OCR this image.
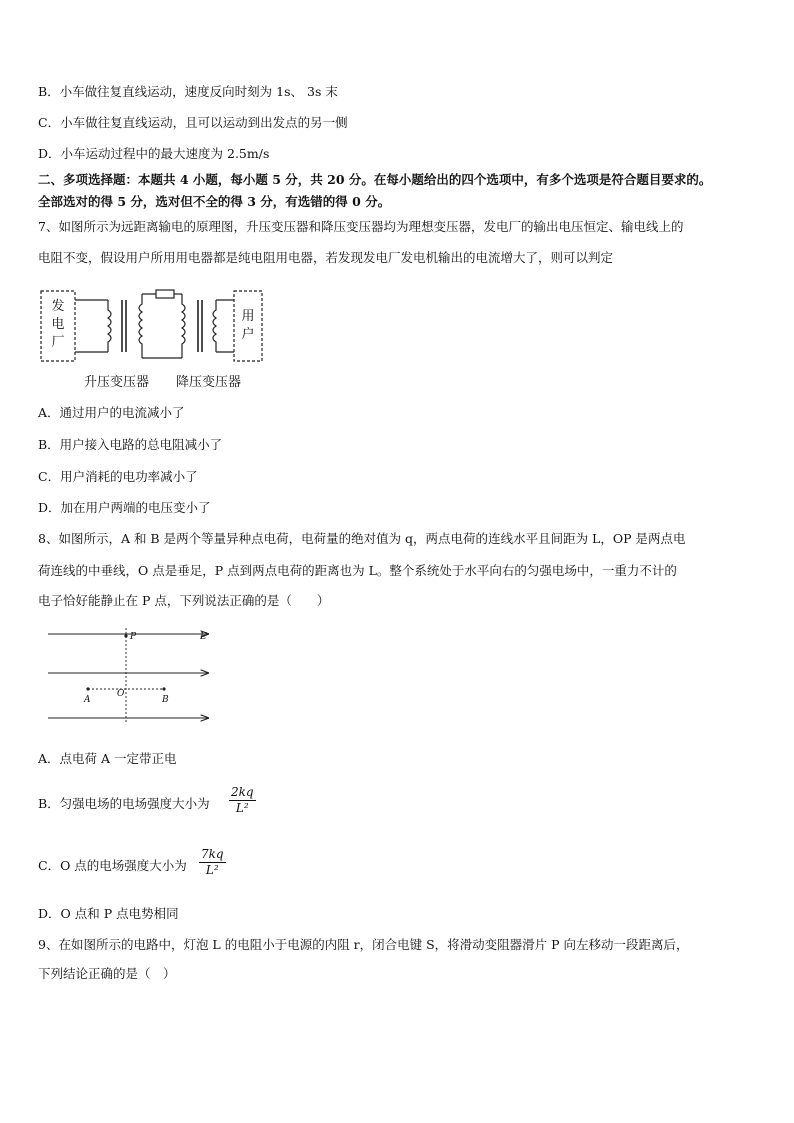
B．小车做往复直线运动，速度反向时刻为 1s、 3s 末
C．小车做往复直线运动，且可以运动到出发点的另一侧
D．小车运动过程中的最大速度为 2.5m/s
二、多项选择题：本题共 4 小题，每小题 5 分，共 20 分。在每小题给出的四个选项中，有多个选项是符合题目要求的。
全部选对的得 5 分，选对但不全的得 3 分，有选错的得 0 分。
7、如图所示为远距离输电的原理图，升压变压器和降压变压器均为理想变压器，发电厂的输出电压恒定、输电线上的
电阻不变，假设用户所用用电器都是纯电阻用电器，若发现发电厂发电机输出的电流增大了，则可以判定
发
电
厂
用
户
升压变压器 降压变压器
A．通过用户的电流减小了
B．用户接入电路的总电阻减小了
C．用户消耗的电功率减小了
D．加在用户两端的电压变小了
8、如图所示，A 和 B 是两个等量异种点电荷，电荷量的绝对值为 q，两点电荷的连线水平且间距为 L，OP 是两点电
荷连线的中垂线，O 点是垂足，P 点到两点电荷的距离也为 L。整个系统处于水平向右的匀强电场中，一重力不计的
电子恰好能静止在 P 点，下列说法正确的是（　　）
P	E
A
O
B
A．点电荷 A 一定带正电
B．匀强电场的电场强度大小为 $\frac{2kq}{\text{L²}}$
C．O 点的电场强度大小为 $\frac{7kq}{\text{L²}}$
D．O 点和 P 点电势相同
9、在如图所示的电路中，灯泡 L 的电阻小于电源的内阻 r，闭合电键 S，将滑动变阻器滑片 P 向左移动一段距离后，
下列结论正确的是（　）
